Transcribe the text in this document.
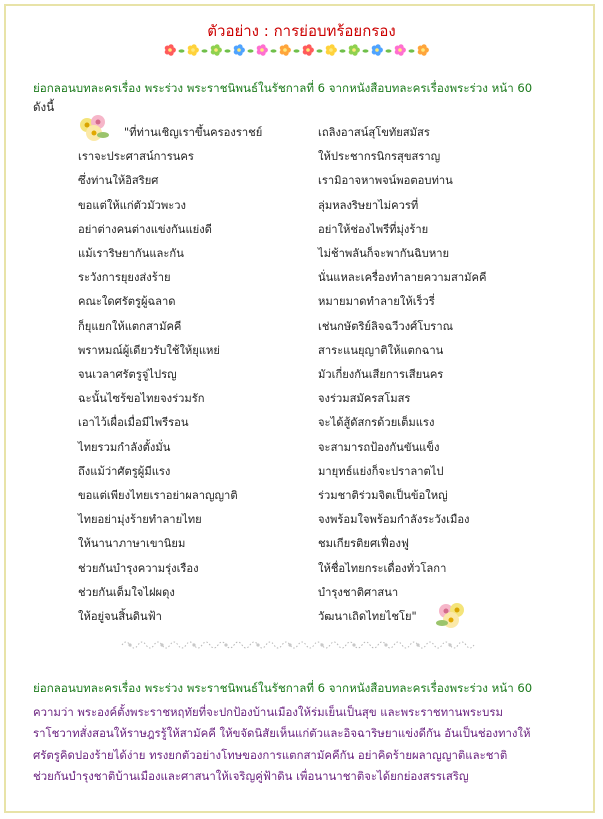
ตัวอย่าง : การย่อบทร้อยกรอง
ย่อกลอนบทละครเรื่อง พระร่วง พระราชนิพนธ์ในรัชกาลที่ 6 จากหนังสือบทละครเรื่องพระร่วง หน้า 60
ดังนี้
"ที่ท่านเชิญเราขึ้นครองราชย์	เถลิงอาสน์สุโขทัยสมัสร
เราจะประศาสน์การนคร	ให้ประชากรนิกรสุขสราญ
ซึ่งท่านให้อิสริยศ	เรามิอาจหาพจน์พอตอบท่าน
ขอแต่ให้แก่ตัวมัวพะวง	ลุ่มหลงริษยาไม่ควรที่
อย่าต่างคนต่างแข่งกันแย่งดี	อย่าให้ช่องไพรีที่มุ่งร้าย
แม้เราริษยากันและกัน	ไม่ช้าพลันก็จะพากันฉิบหาย
ระวังการยุยงส่งร้าย	นั่นแหละเครื่องทำลายความสามัคคี
คณะใดศรัตรูผู้ฉลาด	หมายมาดทำลายให้เร็วรี่
ก็ยุแยกให้แตกสามัคคี	เช่นกษัตริย์ลิจฉวีวงศ์โบราณ
พราหมณ์ผู้เดียวรับใช้ให้ยุแหย่	สาระแนยุญาติให้แตกฉาน
จนเวลาศรัตรูจู่ไปรญ	มัวเกี่ยงกันเสียการเสียนคร
ฉะนั้นไซร้ขอไทยจงร่วมรัก	จงร่วมสมัครสโมสร
เอาไว้เผื่อเมื่อมีไพรีรอน	จะได้สู้ดัสกรด้วยเต็มแรง
ไทยรวมกำลังตั้งมั่น	จะสามารถป้องกันขันแข็ง
ถึงแม้ว่าศัตรูผู้มีแรง	มายุทธ์แย่งก็จะปราลาตไป
ขอแต่เพียงไทยเราอย่าผลาญญาติ	ร่วมชาติร่วมจิตเป็นข้อใหญ่
ไทยอย่ามุ่งร้ายทำลายไทย	จงพร้อมใจพร้อมกำลังระวังเมือง
ให้นานาภาษาเขานิยม	ชมเกียรติยศเฟื่องฟู
ช่วยกันบำรุงความรุ่งเรือง	ให้ชื่อไทยกระเดื่องทั่วโลกา
ช่วยกันเต็มใจไฝผดุง	บำรุงชาติศาสนา
ให้อยู่จนสิ้นดินฟ้า	วัฒนาเถิดไทยไชโย"
ย่อกลอนบทละครเรื่อง พระร่วง พระราชนิพนธ์ในรัชกาลที่ 6 จากหนังสือบทละครเรื่องพระร่วง หน้า 60
ความว่า พระองค์ตั้งพระราชหฤทัยที่จะปกป้องบ้านเมืองให้ร่มเย็นเป็นสุข และพระราชทานพระบรม
ราโชวาทสั่งสอนให้ราษฎรรู้ให้สามัคคี ให้ขจัดนิสัยเห็นแก่ตัวและอิจฉาริษยาแข่งดีกัน อันเป็นช่องทางให้
ศรัตรูคิดปองร้ายได้ง่าย ทรงยกตัวอย่างโทษของการแตกสามัคคีกัน อย่าคิดร้ายผลาญญาติและชาติ
ช่วยกันบำรุงชาติบ้านเมืองและศาสนาให้เจริญคู่ฟ้าดิน เพื่อนานาชาติจะได้ยกย่องสรรเสริญ
